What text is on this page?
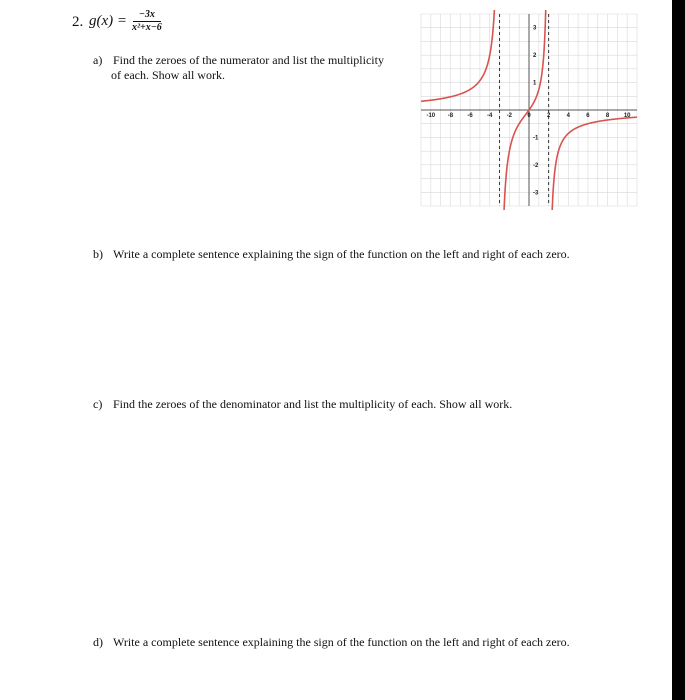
2. $g(x) = \frac{-3x}{\text{x²+x−6}}$
a) Find the zeroes of the numerator and list the multiplicity
of each. Show all work.
-10 -8 -6 -4 -2	0	2	4	6	8 10
3
2
1
-1
-2
-3
b) Write a complete sentence explaining the sign of the function on the left and right of each zero.
c) Find the zeroes of the denominator and list the multiplicity of each. Show all work.
d) Write a complete sentence explaining the sign of the function on the left and right of each zero.
